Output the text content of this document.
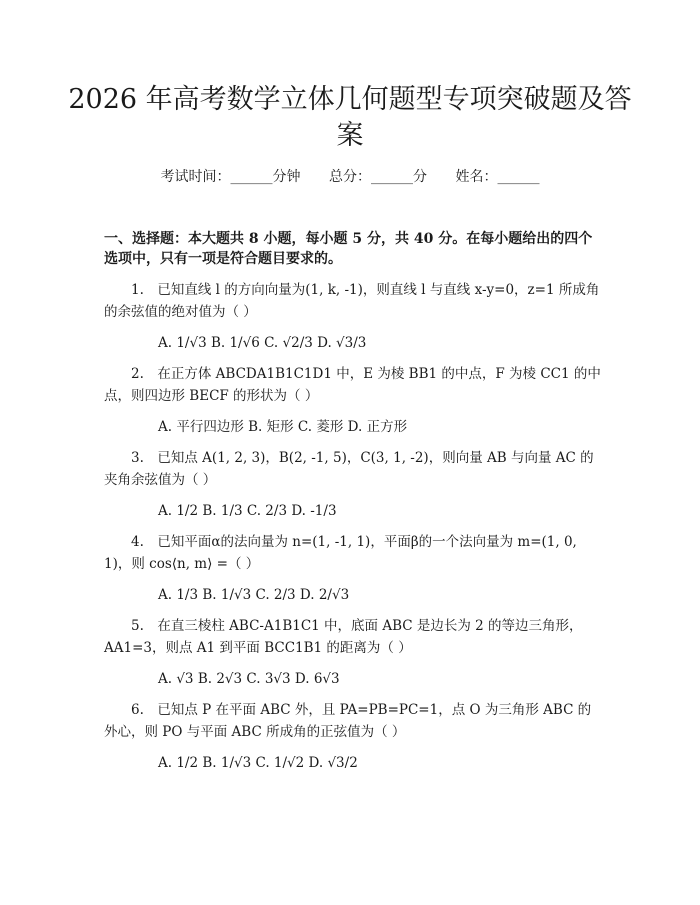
2026 年高考数学立体几何题型专项突破题及答案
考试时间：______分钟 总分：______分 姓名：______
一、选择题：本大题共 8 小题，每小题 5 分，共 40 分。在每小题给出的四个选项中，只有一项是符合题目要求的。
1.　已知直线 l 的方向向量为(1, k, -1)，则直线 l 与直线 x-y=0，z=1 所成角的余弦值的绝对值为（ ）
A. 1/√3 B. 1/√6 C. √2/3 D. √3/3
2.　在正方体 ABCDA1B1C1D1 中，E 为棱 BB1 的中点，F 为棱 CC1 的中点，则四边形 BECF 的形状为（ ）
A. 平行四边形 B. 矩形 C. 菱形 D. 正方形
3.　已知点 A(1, 2, 3)，B(2, -1, 5)，C(3, 1, -2)，则向量 AB 与向量 AC 的夹角余弦值为（ ）
A. 1/2 B. 1/3 C. 2/3 D. -1/3
4.　已知平面α的法向量为 n=(1, -1, 1)，平面β的一个法向量为 m=(1, 0, 1)，则 cos⟨n, m⟩ =（ ）
A. 1/3 B. 1/√3 C. 2/3 D. 2/√3
5.　在直三棱柱 ABC-A1B1C1 中，底面 ABC 是边长为 2 的等边三角形，AA1=3，则点 A1 到平面 BCC1B1 的距离为（ ）
A. √3 B. 2√3 C. 3√3 D. 6√3
6.　已知点 P 在平面 ABC 外，且 PA=PB=PC=1，点 O 为三角形 ABC 的外心，则 PO 与平面 ABC 所成角的正弦值为（ ）
A. 1/2 B. 1/√3 C. 1/√2 D. √3/2
